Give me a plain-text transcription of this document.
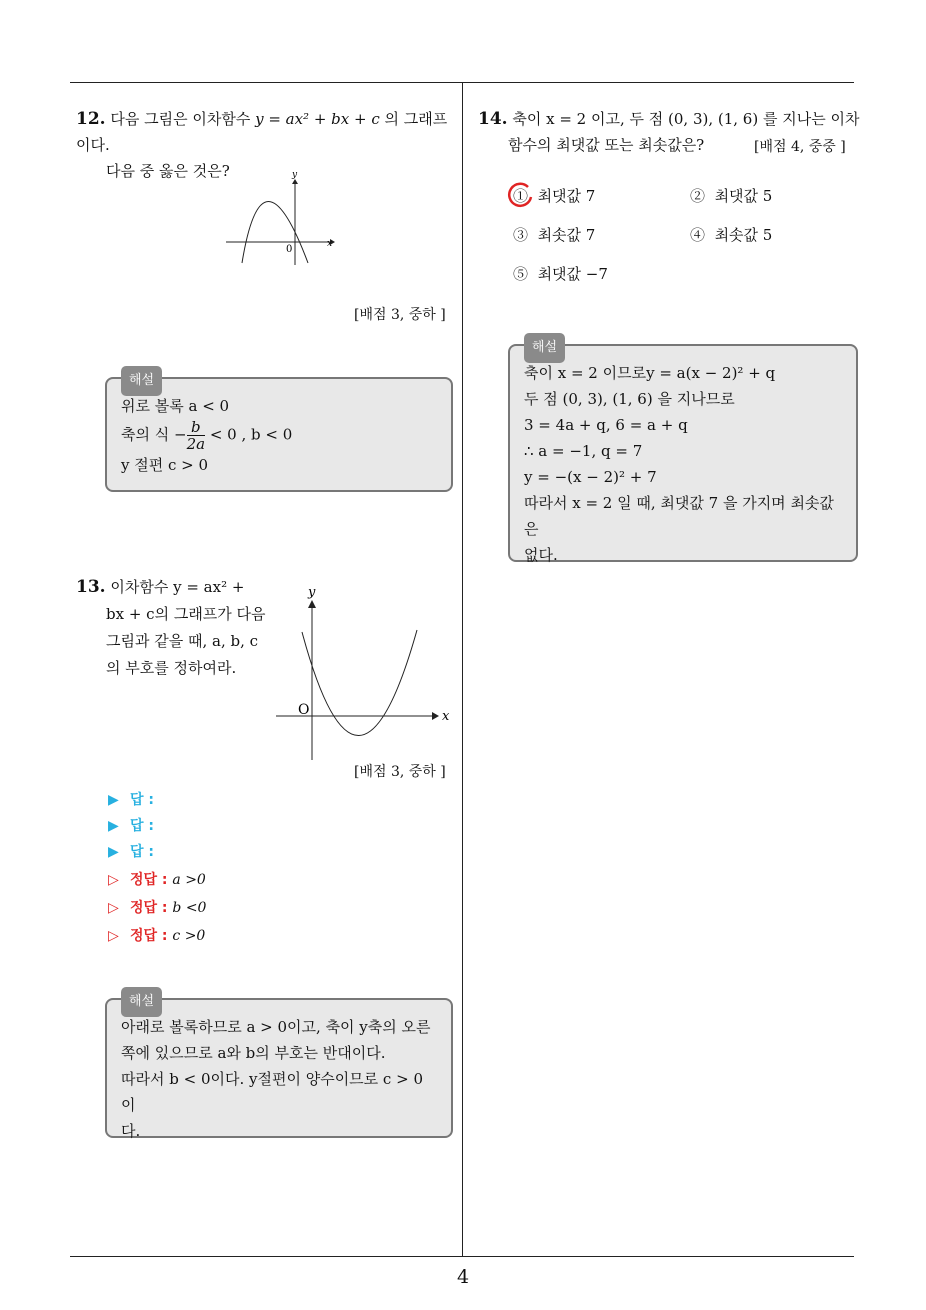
4
12. 다음 그림은 이차함수 y = ax² + bx + c 의 그래프이다.
다음 중 옳은 것은?	y
x
0
[배점 3, 중하 ]
해설
위로 볼록 a < 0
축의 식 − $\frac{b}{2a} < 0$ , b < 0
y 절편 c > 0
13. 이차함수 y = ax² +
bx + c의 그래프가 다음
그림과 같을 때, a, b, c
의 부호를 정하여라.
y
x
O
[배점 3, 중하 ]
▶ 답 :
▶ 답 :
▶ 답 :
▷ 정답 : a >0
▷ 정답 : b <0
▷ 정답 : c >0
해설
아래로 볼록하므로 a > 0이고, 축이 y축의 오른
쪽에 있으므로 a와 b의 부호는 반대이다.
따라서 b < 0이다. y절편이 양수이므로 c > 0이
다.
14. 축이 x = 2 이고, 두 점 (0, 3), (1, 6) 를 지나는 이차
함수의 최댓값 또는 최솟값은?	[배점 4, 중중 ]
① 최댓값 7	② 최댓값 5
③ 최솟값 7	④ 최솟값 5
⑤ 최댓값 −7
해설
축이 x = 2 이므로y = a(x − 2)² + q
두 점 (0, 3), (1, 6) 을 지나므로
3 = 4a + q, 6 = a + q
∴ a = −1, q = 7
y = −(x − 2)² + 7
따라서 x = 2 일 때, 최댓값 7 을 가지며 최솟값은
없다.
